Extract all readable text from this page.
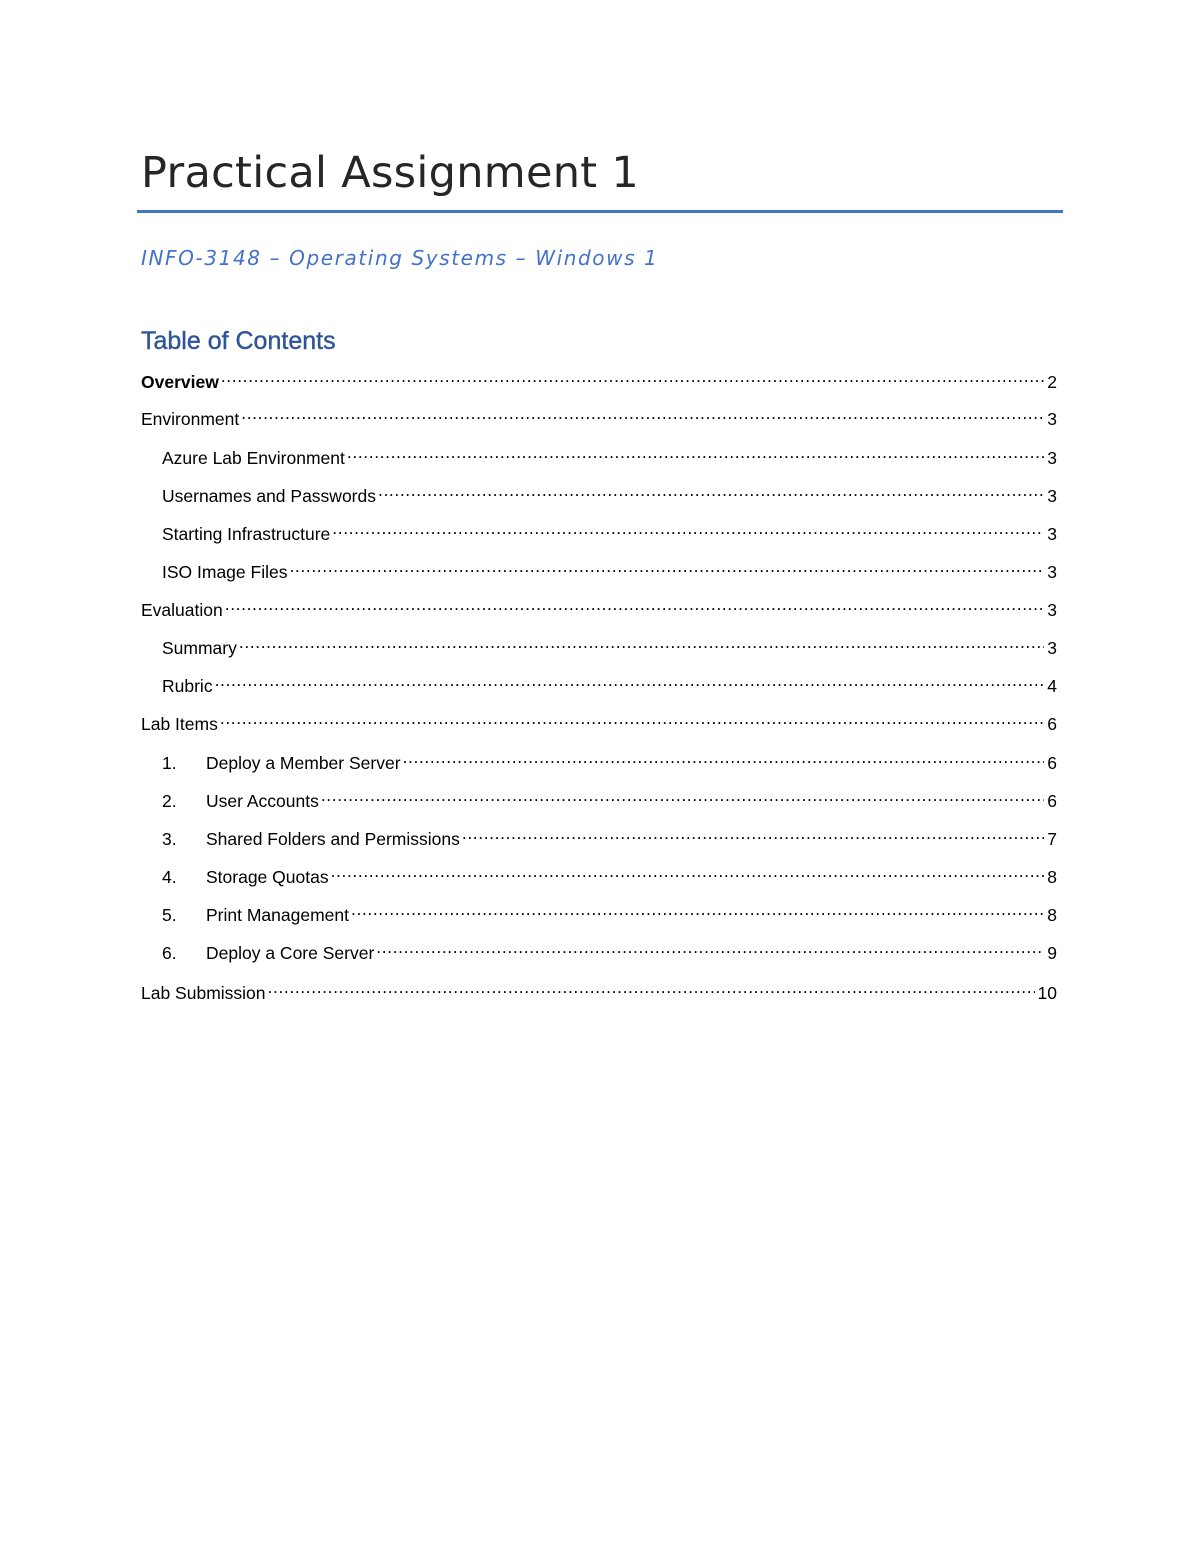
Practical Assignment 1

INFO-3148 – Operating Systems – Windows 1

Table of Contents
Overview .....	2
Environment .....	3
Azure Lab Environment .....	3
Usernames and Passwords .....	3
Starting Infrastructure .....	3
ISO Image Files .....	3
Evaluation .....	3
Summary .....	3
Rubric .....	4
Lab Items .....	6
1.	Deploy a Member Server .....	6
2.	User Accounts .....	6
3.	Shared Folders and Permissions .....	7
4.	Storage Quotas .....	8
5.	Print Management .....	8
6.	Deploy a Core Server .....	9
Lab Submission .....	10
